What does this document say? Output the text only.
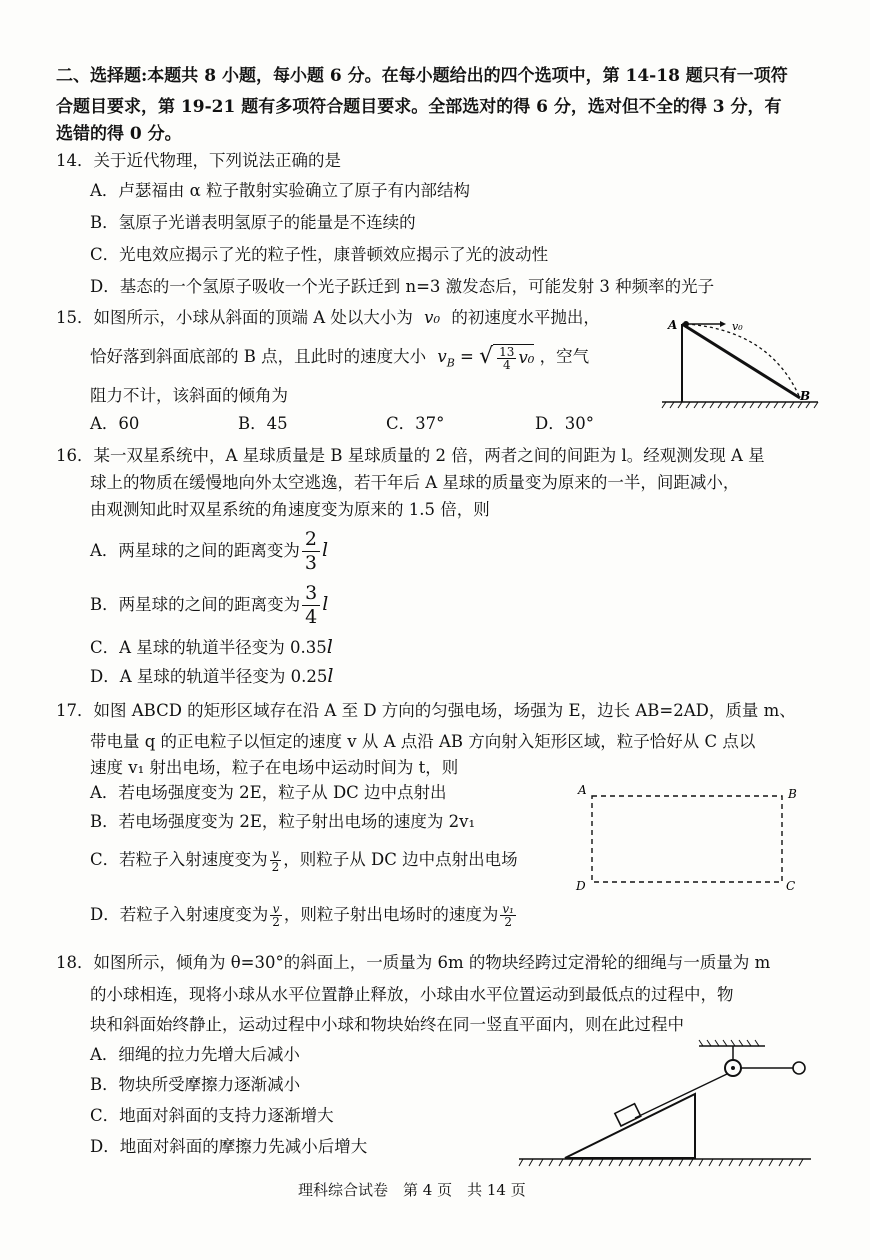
二、选择题:本题共 8 小题，每小题 6 分。在每小题给出的四个选项中，第 14-18 题只有一项符
合题目要求，第 19-21 题有多项符合题目要求。全部选对的得 6 分，选对但不全的得 3 分，有
选错的得 0 分。
14．关于近代物理，下列说法正确的是
A．卢瑟福由 α 粒子散射实验确立了原子有内部结构
B．氢原子光谱表明氢原子的能量是不连续的
C．光电效应揭示了光的粒子性，康普顿效应揭示了光的波动性
D．基态的一个氢原子吸收一个光子跃迁到 n=3 激发态后，可能发射 3 种频率的光子
15．如图所示，小球从斜面的顶端 A 处以大小为 v₀ 的初速度水平抛出，
恰好落到斜面底部的 B 点，且此时的速度大小 $v_B$ = √ $\frac{13}{4} v_0$ ，空气
阻力不计，该斜面的倾角为
A．60	B．45	C．37°	D．30°
A	v₀
B
16．某一双星系统中，A 星球质量是 B 星球质量的 2 倍，两者之间的间距为 l。经观测发现 A 星
球上的物质在缓慢地向外太空逃逸，若干年后 A 星球的质量变为原来的一半，间距减小，
由观测知此时双星系统的角速度变为原来的 1.5 倍，则
A．两星球的之间的距离变为 $\frac{2}{3}$ l
B．两星球的之间的距离变为 $\frac{3}{4}$ l
C．A 星球的轨道半径变为 0.35l
D．A 星球的轨道半径变为 0.25l
17．如图 ABCD 的矩形区域存在沿 A 至 D 方向的匀强电场，场强为 E，边长 AB=2AD，质量 m、
带电量 q 的正电粒子以恒定的速度 v 从 A 点沿 AB 方向射入矩形区域，粒子恰好从 C 点以
速度 v₁ 射出电场，粒子在电场中运动时间为 t，则
A．若电场强度变为 2E，粒子从 DC 边中点射出
B．若电场强度变为 2E，粒子射出电场的速度为 2v₁
C．若粒子入射速度变为 $\frac{v}{2}$ ，则粒子从 DC 边中点射出电场
D．若粒子入射速度变为 $\frac{v}{2}$ ，则粒子射出电场时的速度为 $\frac{\text{v₁}}{2}$
A	B
D	C
18．如图所示，倾角为 θ=30°的斜面上，一质量为 6m 的物块经跨过定滑轮的细绳与一质量为 m
的小球相连，现将小球从水平位置静止释放，小球由水平位置运动到最低点的过程中，物
块和斜面始终静止，运动过程中小球和物块始终在同一竖直平面内，则在此过程中
A．细绳的拉力先增大后减小
B．物块所受摩擦力逐渐减小
C．地面对斜面的支持力逐渐增大
D．地面对斜面的摩擦力先减小后增大
理科综合试卷　第 4 页　共 14 页
